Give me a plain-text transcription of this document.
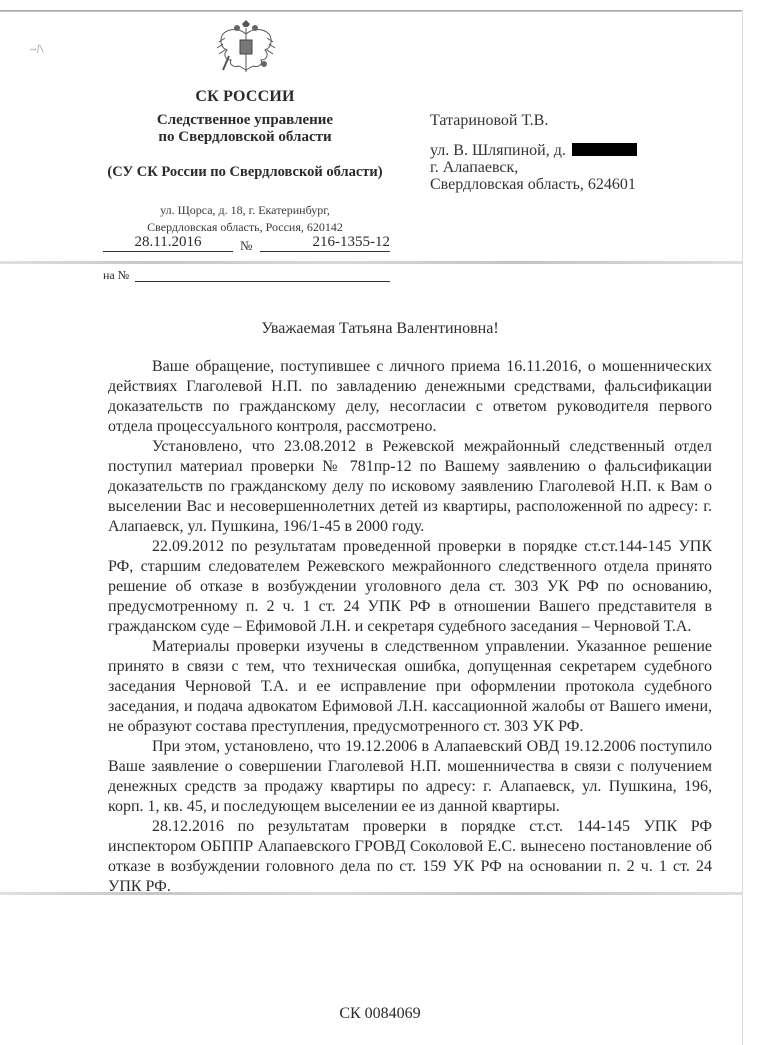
~/\
СК РОССИИ
Следственное управление
по Свердловской области
(СУ СК России по Свердловской области)
ул. Щорса, д. 18, г. Екатеринбург,
Свердловская область, Россия, 620142
28.11.2016	№	216-1355-12
на №
Татариновой Т.В.
ул. В. Шляпиной, д.
г. Алапаевск,
Свердловская область, 624601
Уважаемая Татьяна Валентиновна!

Ваше обращение, поступившее с личного приема 16.11.2016, о мошеннических действиях Глаголевой Н.П. по завладению денежными средствами, фальсификации доказательств по гражданскому делу, несогласии с ответом руководителя первого отдела процессуального контроля, рассмотрено.

Установлено, что 23.08.2012 в Режевской межрайонный следственный отдел поступил материал проверки № 781пр-12 по Вашему заявлению о фальсификации доказательств по гражданскому делу по исковому заявлению Глаголевой Н.П. к Вам о выселении Вас и несовершеннолетних детей из квартиры, расположенной по адресу: г. Алапаевск, ул. Пушкина, 196/1-45 в 2000 году.

22.09.2012 по результатам проведенной проверки в порядке ст.ст.144-145 УПК РФ, старшим следователем Режевского межрайонного следственного отдела принято решение об отказе в возбуждении уголовного дела ст. 303 УК РФ по основанию, предусмотренному п. 2 ч. 1 ст. 24 УПК РФ в отношении Вашего представителя в гражданском суде – Ефимовой Л.Н. и секретаря судебного заседания – Черновой Т.А.

Материалы проверки изучены в следственном управлении. Указанное решение принято в связи с тем, что техническая ошибка, допущенная секретарем судебного заседания Черновой Т.А. и ее исправление при оформлении протокола судебного заседания, и подача адвокатом Ефимовой Л.Н. кассационной жалобы от Вашего имени, не образуют состава преступления, предусмотренного ст. 303 УК РФ.

При этом, установлено, что 19.12.2006 в Алапаевский ОВД 19.12.2006 поступило Ваше заявление о совершении Глаголевой Н.П. мошенничества в связи с получением денежных средств за продажу квартиры по адресу: г. Алапаевск, ул. Пушкина, 196, корп. 1, кв. 45, и последующем выселении ее из данной квартиры.

28.12.2016 по результатам проверки в порядке ст.ст. 144-145 УПК РФ инспектором ОБППР Алапаевского ГРОВД Соколовой Е.С. вынесено постановление об отказе в возбуждении головного дела по ст. 159 УК РФ на основании п. 2 ч. 1 ст. 24 УПК РФ.

СК 0084069
